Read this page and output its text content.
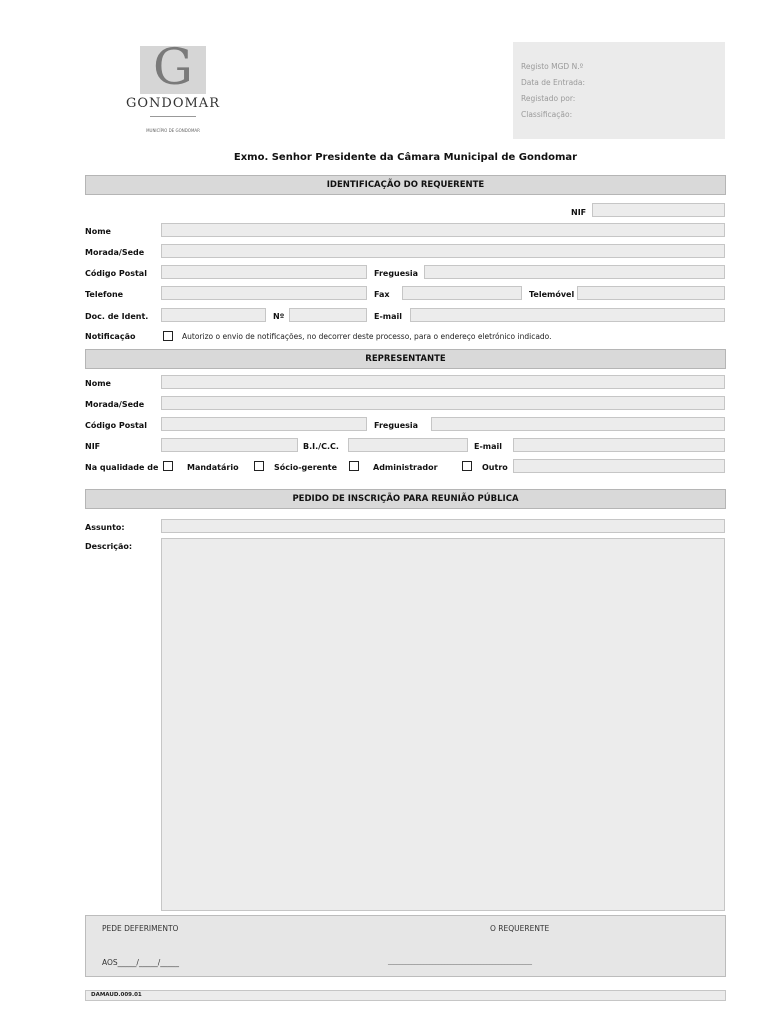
G
GONDOMAR
MUNICÍPIO DE GONDOMAR
Registo MGD N.º
Data de Entrada:
Registado por:
Classificação:
Exmo. Senhor Presidente da Câmara Municipal de Gondomar
IDENTIFICAÇÃO DO REQUERENTE
NIF
Nome
Morada/Sede
Código Postal	Freguesia
Telefone	Fax	Telemóvel
Doc. de Ident.	Nº	E-mail
Notificação	Autorizo o envio de notificações, no decorrer deste processo, para o endereço eletrónico indicado.
REPRESENTANTE
Nome
Morada/Sede
Código Postal	Freguesia
NIF	B.I./C.C.	E-mail
Na qualidade de	Mandatário	Sócio-gerente	Administrador	Outro
PEDIDO DE INSCRIÇÃO PARA REUNIÃO PÚBLICA
Assunto:
Descrição:
PEDE DEFERIMENTO	O REQUERENTE
AOS_____/_____/_____	________________________________________________
DAMAUD.009.01
